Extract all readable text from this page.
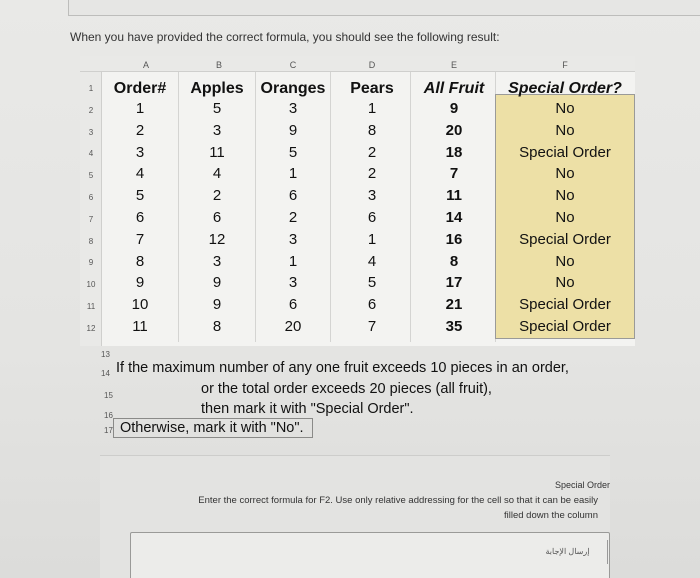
When you have provided the correct formula, you should see the following result:
A	B	C	D	E	F
Order#	Apples	Oranges	Pears	All Fruit	Special Order?
1
2
3
4
5
6
7
8
9
10
11
12
1	5	3	1	9	No
2	3	9	8	20	No
3	11	5	2	18	Special Order
4	4	1	2	7	No
5	2	6	3	11	No
6	6	2	6	14	No
7	12	3	1	16	Special Order
8	3	1	4	8	No
9	9	3	5	17	No
10	9	6	6	21	Special Order
11	8	20	7	35	Special Order
13
14
15
16
17
If the maximum number of any one fruit exceeds 10 pieces in an order,
or the total order exceeds 20 pieces (all fruit),
then mark it with "Special Order".
Otherwise, mark it with "No".
Special Order
Enter the correct formula for F2. Use only relative addressing for the cell so that it can be easily
filled down the column
إرسال الإجابة
